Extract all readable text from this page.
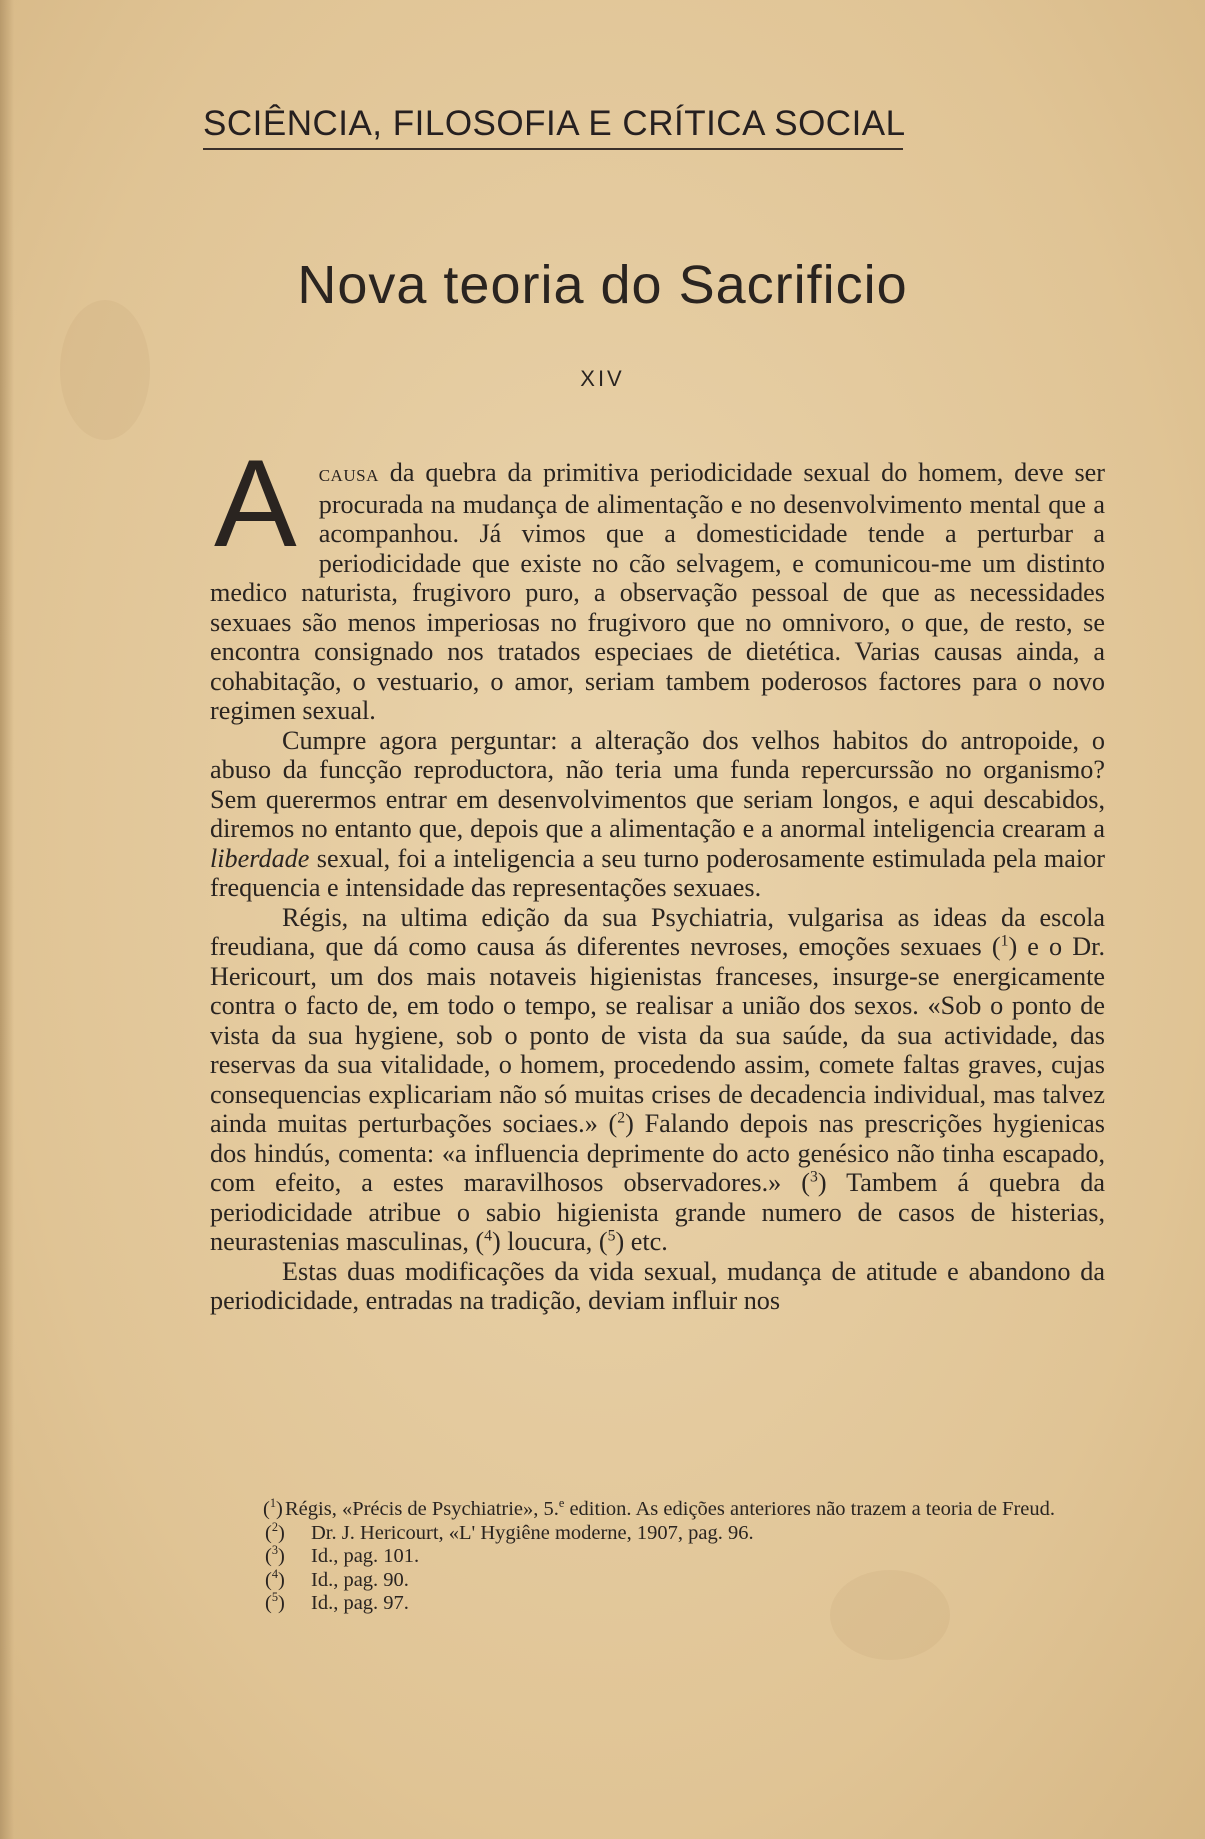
SCIÊNCIA, FILOSOFIA E CRÍTICA SOCIAL
Nova teoria do Sacrificio
XIV

Acausa da quebra da primitiva periodicidade sexual do homem, deve ser procurada na mudança de alimentação e no desenvolvimento mental que a acompanhou. Já vimos que a domesticidade tende a perturbar a periodicidade que existe no cão selvagem, e comunicou-me um distinto medico naturista, frugivoro puro, a observação pessoal de que as necessidades sexuaes são menos imperiosas no frugivoro que no omnivoro, o que, de resto, se encontra consignado nos tratados especiaes de dietética. Varias causas ainda, a cohabitação, o vestuario, o amor, seriam tambem poderosos factores para o novo regimen sexual.

Cumpre agora perguntar: a alteração dos velhos habitos do antropoide, o abuso da funcção reproductora, não teria uma funda repercurssão no organismo? Sem querermos entrar em desenvolvimentos que seriam longos, e aqui descabidos, diremos no entanto que, depois que a alimentação e a anormal inteligencia crearam a liberdade sexual, foi a inteligencia a seu turno poderosamente estimulada pela maior frequencia e intensidade das representações sexuaes.

Régis, na ultima edição da sua Psychiatria, vulgarisa as ideas da escola freudiana, que dá como causa ás diferentes nevroses, emoções sexuaes ($^1$) e o Dr. Hericourt, um dos mais notaveis higienistas franceses, insurge-se energicamente contra o facto de, em todo o tempo, se realisar a união dos sexos. «Sob o ponto de vista da sua hygiene, sob o ponto de vista da sua saúde, da sua actividade, das reservas da sua vitalidade, o homem, procedendo assim, comete faltas graves, cujas consequencias explicariam não só muitas crises de decadencia individual, mas talvez ainda muitas perturbações sociaes.» ($^2$) Falando depois nas prescrições hygienicas dos hindús, comenta: «a influencia deprimente do acto genésico não tinha escapado, com efeito, a estes maravilhosos observadores.» ($^3$) Tambem á quebra da periodicidade atribue o sabio higienista grande numero de casos de histerias, neurastenias masculinas, ($^4$) loucura, ($^5$) etc.

Estas duas modificações da vida sexual, mudança de atitude e abandono da periodicidade, entradas na tradição, deviam influir nos

($^1$) Régis, «Précis de Psychiatrie», 5.$^e$ edition. As edições anteriores não trazem a teoria de Freud.

($^2$) Dr. J. Hericourt, «L' Hygiêne moderne, 1907, pag. 96.

($^3$) Id., pag. 101.

($^4$) Id., pag. 90.

($^5$) Id., pag. 97.
